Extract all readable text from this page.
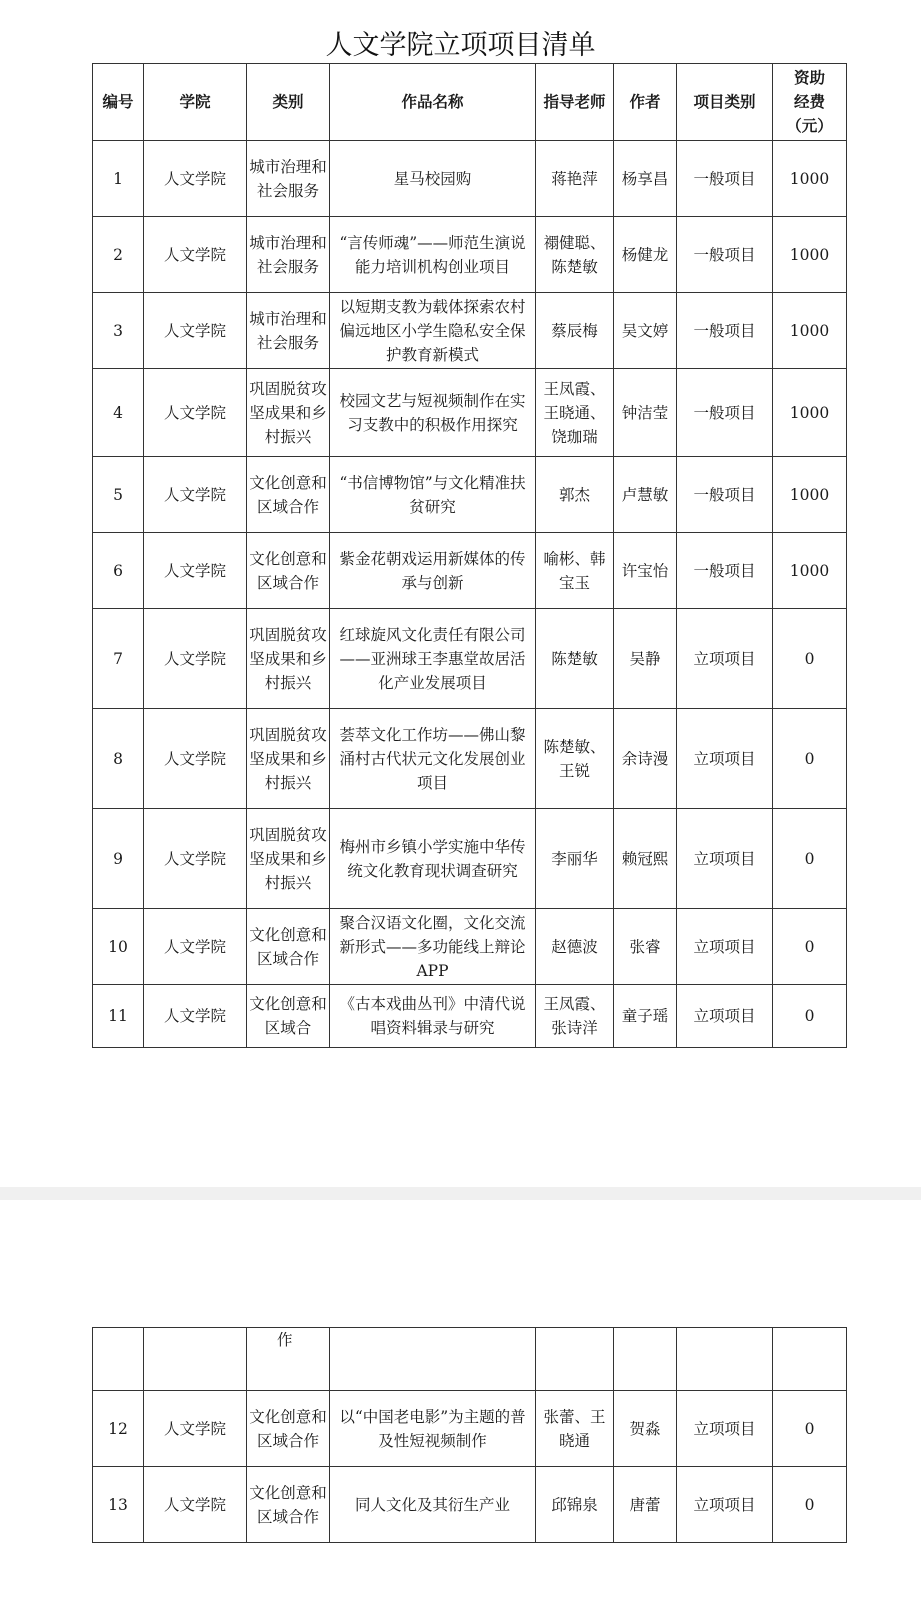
人文学院立项项目清单
编号	学院	类别	作品名称	指导老师	作者	项目类别	资助
经费
（元）

1	人文学院	城市治理和社会服务	星马校园购	蒋艳萍	杨享昌	一般项目	1000
2	人文学院	城市治理和社会服务	“言传师魂”——师范生演说能力培训机构创业项目	禤健聪、陈楚敏	杨健龙	一般项目	1000
3	人文学院	城市治理和社会服务	以短期支教为载体探索农村偏远地区小学生隐私安全保护教育新模式	蔡辰梅	吴文婷	一般项目	1000
4	人文学院	巩固脱贫攻坚成果和乡村振兴	校园文艺与短视频制作在实习支教中的积极作用探究	王凤霞、王晓通、饶珈瑞	钟洁莹	一般项目	1000
5	人文学院	文化创意和区域合作	“书信博物馆”与文化精准扶贫研究	郭杰	卢慧敏	一般项目	1000
6	人文学院	文化创意和区域合作	紫金花朝戏运用新媒体的传承与创新	喻彬、韩宝玉	许宝怡	一般项目	1000
7	人文学院	巩固脱贫攻坚成果和乡村振兴	红球旋风文化责任有限公司——亚洲球王李惠堂故居活化产业发展项目	陈楚敏	吴静	立项项目	0
8	人文学院	巩固脱贫攻坚成果和乡村振兴	荟萃文化工作坊——佛山黎涌村古代状元文化发展创业项目	陈楚敏、王锐	余诗漫	立项项目	0
9	人文学院	巩固脱贫攻坚成果和乡村振兴	梅州市乡镇小学实施中华传统文化教育现状调查研究	李丽华	赖冠熙	立项项目	0
10	人文学院	文化创意和区域合作	聚合汉语文化圈，文化交流新形式——多功能线上辩论 APP	赵德波	张睿	立项项目	0
11	人文学院	文化创意和区域合	《古本戏曲丛刊》中清代说唱资料辑录与研究	王凤霞、张诗洋	童子瑶	立项项目	0
		作					
12	人文学院	文化创意和区域合作	以“中国老电影”为主题的普及性短视频制作	张蕾、王晓通	贺淼	立项项目	0
13	人文学院	文化创意和区域合作	同人文化及其衍生产业	邱锦泉	唐蕾	立项项目	0
